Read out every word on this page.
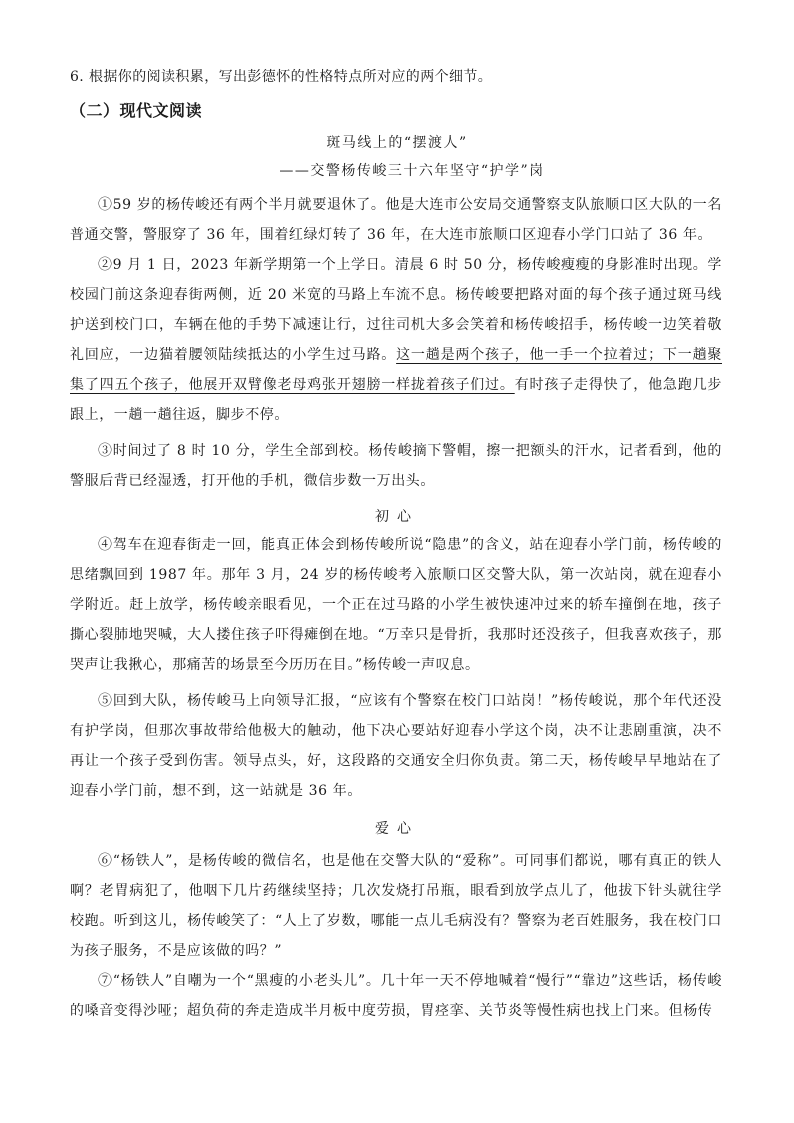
6. 根据你的阅读积累，写出彭德怀的性格特点所对应的两个细节。
（二）现代文阅读
斑马线上的“摆渡人”
——交警杨传峻三十六年坚守“护学”岗

①59 岁的杨传峻还有两个半月就要退休了。他是大连市公安局交通警察支队旅顺口区大队的一名普通交警，警服穿了 36 年，围着红绿灯转了 36 年，在大连市旅顺口区迎春小学门口站了 36 年。

②9 月 1 日，2023 年新学期第一个上学日。清晨 6 时 50 分，杨传峻瘦瘦的身影准时出现。学校园门前这条迎春街两侧，近 20 米宽的马路上车流不息。杨传峻要把路对面的每个孩子通过斑马线护送到校门口，车辆在他的手势下减速让行，过往司机大多会笑着和杨传峻招手，杨传峻一边笑着敬礼回应，一边猫着腰领陆续抵达的小学生过马路。这一趟是两个孩子，他一手一个拉着过；下一趟聚集了四五个孩子，他展开双臂像老母鸡张开翅膀一样拢着孩子们过。有时孩子走得快了，他急跑几步跟上，一趟一趟往返，脚步不停。

③时间过了 8 时 10 分，学生全部到校。杨传峻摘下警帽，擦一把额头的汗水，记者看到，他的警服后背已经湿透，打开他的手机，微信步数一万出头。

初心

④驾车在迎春街走一回，能真正体会到杨传峻所说“隐患”的含义，站在迎春小学门前，杨传峻的思绪飘回到 1987 年。那年 3 月，24 岁的杨传峻考入旅顺口区交警大队，第一次站岗，就在迎春小学附近。赶上放学，杨传峻亲眼看见，一个正在过马路的小学生被快速冲过来的轿车撞倒在地，孩子撕心裂肺地哭喊，大人搂住孩子吓得瘫倒在地。“万幸只是骨折，我那时还没孩子，但我喜欢孩子，那哭声让我揪心，那痛苦的场景至今历历在目。”杨传峻一声叹息。

⑤回到大队，杨传峻马上向领导汇报，“应该有个警察在校门口站岗！”杨传峻说，那个年代还没有护学岗，但那次事故带给他极大的触动，他下决心要站好迎春小学这个岗，决不让悲剧重演，决不再让一个孩子受到伤害。领导点头，好，这段路的交通安全归你负责。第二天，杨传峻早早地站在了迎春小学门前，想不到，这一站就是 36 年。

爱心

⑥“杨铁人”，是杨传峻的微信名，也是他在交警大队的“爱称”。可同事们都说，哪有真正的铁人啊？老胃病犯了，他咽下几片药继续坚持；几次发烧打吊瓶，眼看到放学点儿了，他拔下针头就往学校跑。听到这儿，杨传峻笑了：“人上了岁数，哪能一点儿毛病没有？警察为老百姓服务，我在校门口为孩子服务，不是应该做的吗？”

⑦“杨铁人”自嘲为一个“黑瘦的小老头儿”。几十年一天不停地喊着“慢行”“靠边”这些话，杨传峻的嗓音变得沙哑；超负荷的奔走造成半月板中度劳损，胃痉挛、关节炎等慢性病也找上门来。但杨传
